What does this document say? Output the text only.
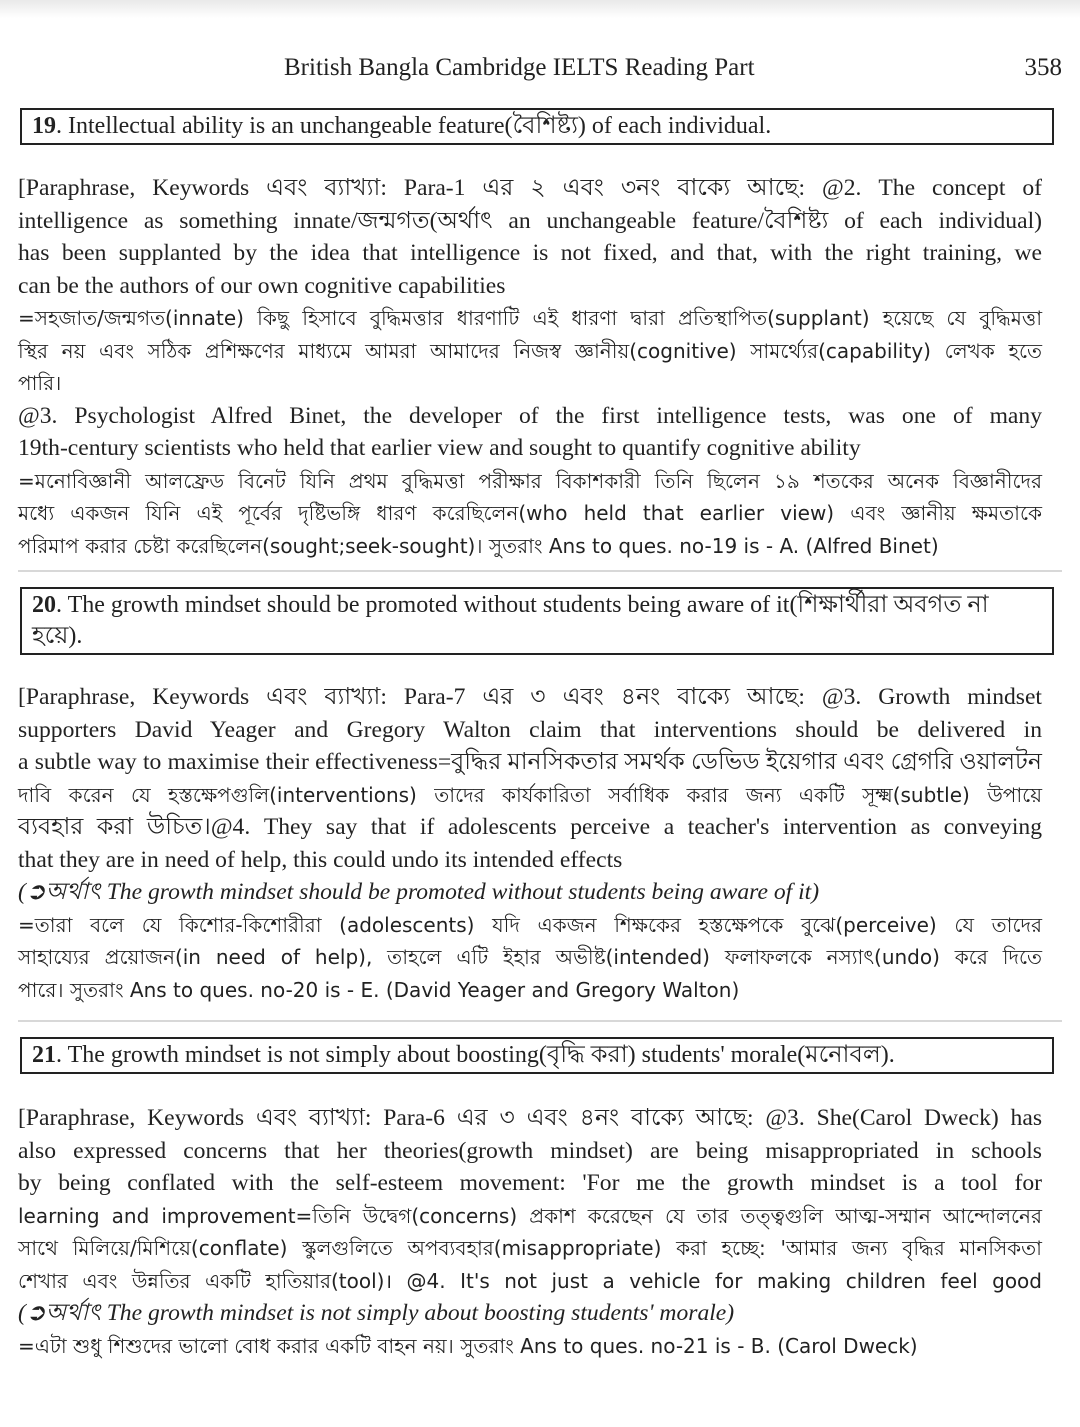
British Bangla Cambridge IELTS Reading Part	358
19. Intellectual ability is an unchangeable feature(বৈশিষ্ট্য) of each individual.
[Paraphrase, Keywords এবং ব্যাখ্যা: Para-1 এর ২ এবং ৩নং বাক্যে আছে: @2. The concept of
intelligence as something innate/জন্মগত(অর্থাৎ an unchangeable feature/বৈশিষ্ট্য of each individual)
has been supplanted by the idea that intelligence is not fixed, and that, with the right training, we
can be the authors of our own cognitive capabilities
=সহজাত/জন্মগত(innate) কিছু হিসাবে বুদ্ধিমত্তার ধারণাটি এই ধারণা দ্বারা প্রতিস্থাপিত(supplant) হয়েছে যে বুদ্ধিমত্তা
স্থির নয় এবং সঠিক প্রশিক্ষণের মাধ্যমে আমরা আমাদের নিজস্ব জ্ঞানীয়(cognitive) সামর্থ্যের(capability) লেখক হতে
পারি।
@3. Psychologist Alfred Binet, the developer of the first intelligence tests, was one of many
19th-century scientists who held that earlier view and sought to quantify cognitive ability
=মনোবিজ্ঞানী আলফ্রেড বিনেট যিনি প্রথম বুদ্ধিমত্তা পরীক্ষার বিকাশকারী তিনি ছিলেন ১৯ শতকের অনেক বিজ্ঞানীদের
মধ্যে একজন যিনি এই পূর্বের দৃষ্টিভঙ্গি ধারণ করেছিলেন(who held that earlier view) এবং জ্ঞানীয় ক্ষমতাকে
পরিমাপ করার চেষ্টা করেছিলেন(sought;seek-sought)। সুতরাং Ans to ques. no-19 is - A. (Alfred Binet)
20. The growth mindset should be promoted without students being aware of it(শিক্ষার্থীরা অবগত না
হয়ে).
[Paraphrase, Keywords এবং ব্যাখ্যা: Para-7 এর ৩ এবং ৪নং বাক্যে আছে: @3. Growth mindset
supporters David Yeager and Gregory Walton claim that interventions should be delivered in
a subtle way to maximise their effectiveness=বুদ্ধির মানসিকতার সমর্থক ডেভিড ইয়েগার এবং গ্রেগরি ওয়ালটন
দাবি করেন যে হস্তক্ষেপগুলি(interventions) তাদের কার্যকারিতা সর্বাধিক করার জন্য একটি সূক্ষ্ম(subtle) উপায়ে
ব্যবহার করা উচিত।@4. They say that if adolescents perceive a teacher's intervention as conveying
that they are in need of help, this could undo its intended effects
(➲অর্থাৎ The growth mindset should be promoted without students being aware of it)
=তারা বলে যে কিশোর-কিশোরীরা (adolescents) যদি একজন শিক্ষকের হস্তক্ষেপকে বুঝে(perceive) যে তাদের
সাহায্যের প্রয়োজন(in need of help), তাহলে এটি ইহার অভীষ্ট(intended) ফলাফলকে নস্যাৎ(undo) করে দিতে
পারে। সুতরাং Ans to ques. no-20 is - E. (David Yeager and Gregory Walton)
21. The growth mindset is not simply about boosting(বৃদ্ধি করা) students' morale(মনোবল).
[Paraphrase, Keywords এবং ব্যাখ্যা: Para-6 এর ৩ এবং ৪নং বাক্যে আছে: @3. She(Carol Dweck) has
also expressed concerns that her theories(growth mindset) are being misappropriated in schools
by being conflated with the self-esteem movement: 'For me the growth mindset is a tool for
learning and improvement=তিনি উদ্বেগ(concerns) প্রকাশ করেছেন যে তার তত্ত্বগুলি আত্ম-সম্মান আন্দোলনের
সাথে মিলিয়ে/মিশিয়ে(conflate) স্কুলগুলিতে অপব্যবহার(misappropriate) করা হচ্ছে: 'আমার জন্য বৃদ্ধির মানসিকতা
শেখার এবং উন্নতির একটি হাতিয়ার(tool)। @4. It's not just a vehicle for making children feel good
(➲অর্থাৎ The growth mindset is not simply about boosting students' morale)
=এটা শুধু শিশুদের ভালো বোধ করার একটি বাহন নয়। সুতরাং Ans to ques. no-21 is - B. (Carol Dweck)
